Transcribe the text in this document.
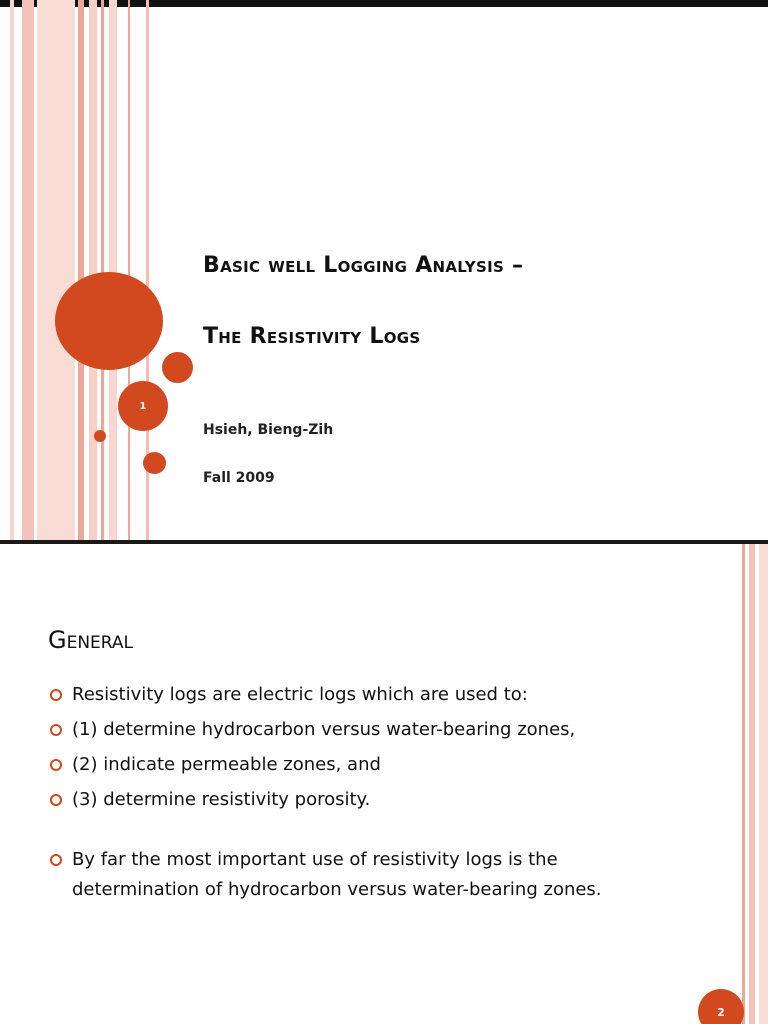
1
Basic well Logging Analysis –
The Resistivity Logs
Hsieh, Bieng-Zih
Fall 2009
General
Resistivity logs are electric logs which are used to:
(1) determine hydrocarbon versus water-bearing zones,
(2) indicate permeable zones, and
(3) determine resistivity porosity.
By far the most important use of resistivity logs is the determination of hydrocarbon versus water-bearing zones.
2
